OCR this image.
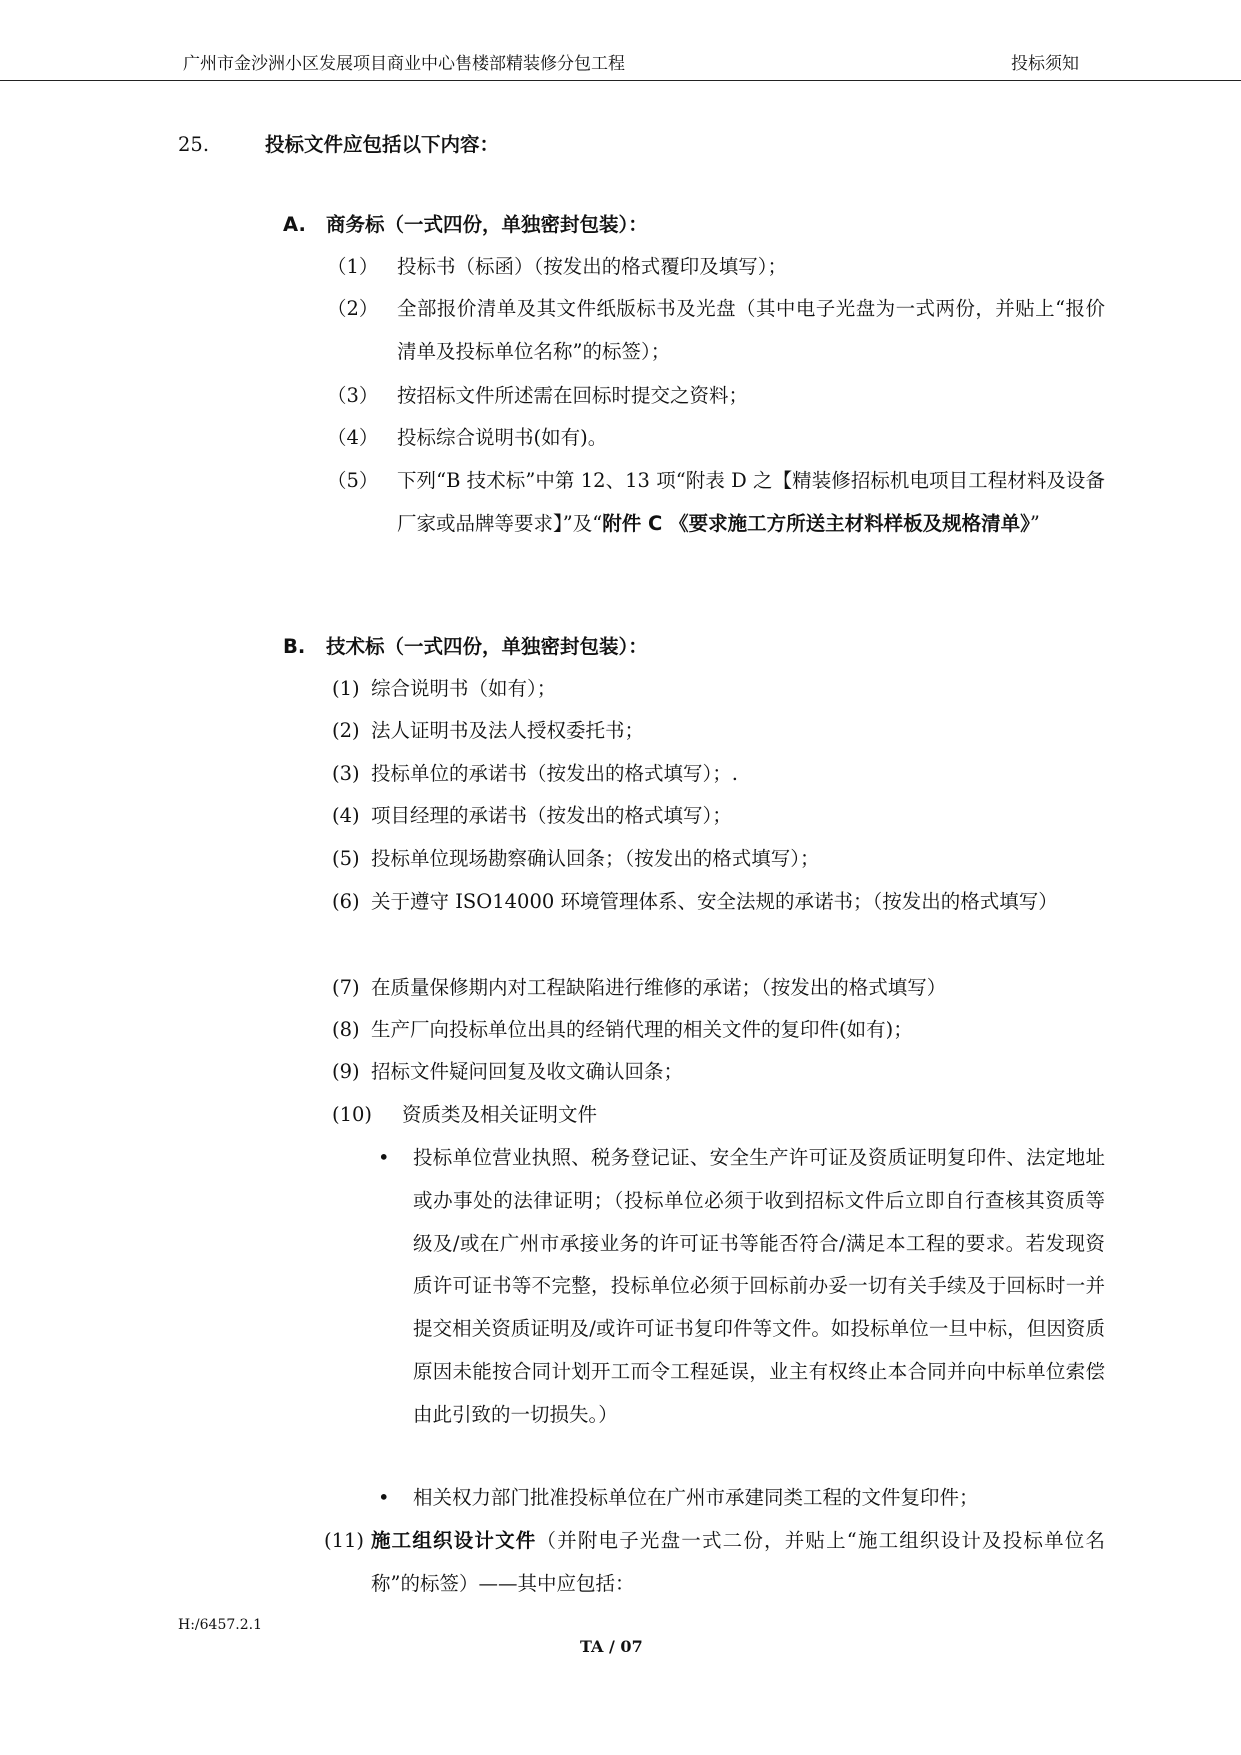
广州市金沙洲小区发展项目商业中心售楼部精装修分包工程	投标须知
25.	投标文件应包括以下内容：
A. 商务标（一式四份，单独密封包装）：
（1） 投标书（标函）（按发出的格式覆印及填写）；
（2） 全部报价清单及其文件纸版标书及光盘（其中电子光盘为一式两份，并贴上“报价清单及投标单位名称”的标签）；
（3） 按招标文件所述需在回标时提交之资料；
（4） 投标综合说明书(如有)。
（5） 下列“B 技术标”中第 12、13 项“附表 D 之【精装修招标机电项目工程材料及设备厂家或品牌等要求】”及“附件 C 《要求施工方所送主材料样板及规格清单》”
B. 技术标（一式四份，单独密封包装）：
(1) 综合说明书（如有）；
(2) 法人证明书及法人授权委托书；
(3) 投标单位的承诺书（按发出的格式填写）；.
(4) 项目经理的承诺书（按发出的格式填写）；
(5) 投标单位现场勘察确认回条；（按发出的格式填写）；
(6) 关于遵守 ISO14000 环境管理体系、安全法规的承诺书；（按发出的格式填写）
(7) 在质量保修期内对工程缺陷进行维修的承诺；（按发出的格式填写）
(8) 生产厂向投标单位出具的经销代理的相关文件的复印件(如有)；
(9) 招标文件疑问回复及收文确认回条；
(10) 资质类及相关证明文件
• 投标单位营业执照、税务登记证、安全生产许可证及资质证明复印件、法定地址或办事处的法律证明；（投标单位必须于收到招标文件后立即自行查核其资质等级及/或在广州市承接业务的许可证书等能否符合/满足本工程的要求。若发现资质许可证书等不完整，投标单位必须于回标前办妥一切有关手续及于回标时一并提交相关资质证明及/或许可证书复印件等文件。如投标单位一旦中标，但因资质原因未能按合同计划开工而令工程延误，业主有权终止本合同并向中标单位索偿由此引致的一切损失。）
• 相关权力部门批准投标单位在广州市承建同类工程的文件复印件；
(11) 施工组织设计文件（并附电子光盘一式二份，并贴上“施工组织设计及投标单位名称”的标签）——其中应包括：
H:/6457.2.1
TA / 07
